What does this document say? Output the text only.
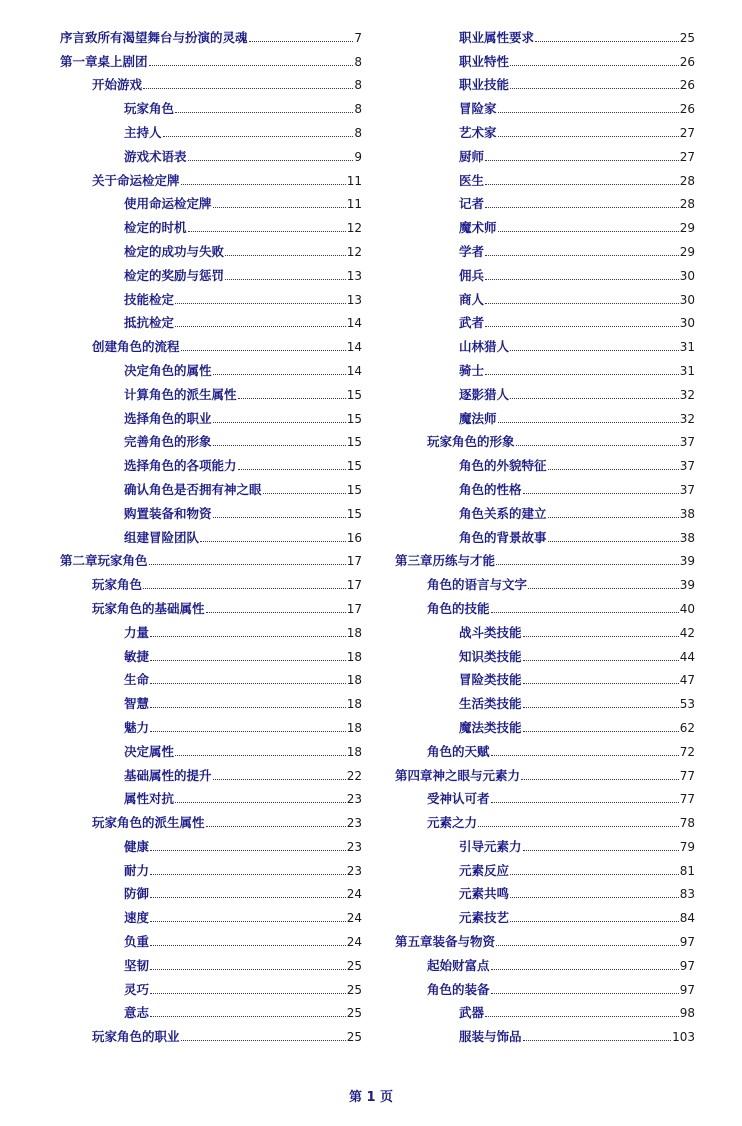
序言致所有渴望舞台与扮演的灵魂	7
第一章桌上剧团	8
开始游戏	8
玩家角色	8
主持人	8
游戏术语表	9
关于命运检定牌	11
使用命运检定牌	11
检定的时机	12
检定的成功与失败	12
检定的奖励与惩罚	13
技能检定	13
抵抗检定	14
创建角色的流程	14
决定角色的属性	14
计算角色的派生属性	15
选择角色的职业	15
完善角色的形象	15
选择角色的各项能力	15
确认角色是否拥有神之眼	15
购置装备和物资	15
组建冒险团队	16
第二章玩家角色	17
玩家角色	17
玩家角色的基础属性	17
力量	18
敏捷	18
生命	18
智慧	18
魅力	18
决定属性	18
基础属性的提升	22
属性对抗	23
玩家角色的派生属性	23
健康	23
耐力	23
防御	24
速度	24
负重	24
坚韧	25
灵巧	25
意志	25
玩家角色的职业	25
职业属性要求	25
职业特性	26
职业技能	26
冒险家	26
艺术家	27
厨师	27
医生	28
记者	28
魔术师	29
学者	29
佣兵	30
商人	30
武者	30
山林猎人	31
骑士	31
逐影猎人	32
魔法师	32
玩家角色的形象	37
角色的外貌特征	37
角色的性格	37
角色关系的建立	38
角色的背景故事	38
第三章历练与才能	39
角色的语言与文字	39
角色的技能	40
战斗类技能	42
知识类技能	44
冒险类技能	47
生活类技能	53
魔法类技能	62
角色的天赋	72
第四章神之眼与元素力	77
受神认可者	77
元素之力	78
引导元素力	79
元素反应	81
元素共鸣	83
元素技艺	84
第五章装备与物资	97
起始财富点	97
角色的装备	97
武器	98
服装与饰品	103
第 1 页
